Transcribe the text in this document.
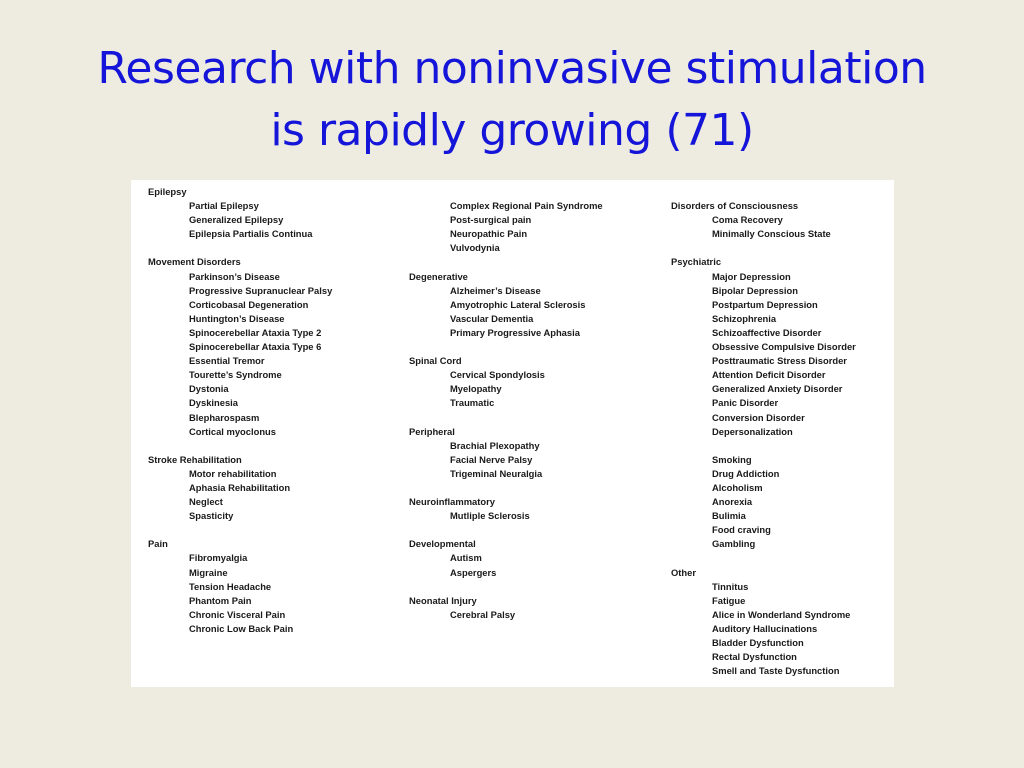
Research with noninvasive stimulation
is rapidly growing (71)
Epilepsy
Partial Epilepsy
Generalized Epilepsy
Epilepsia Partialis Continua
Movement Disorders
Parkinson’s Disease
Progressive Supranuclear Palsy
Corticobasal Degeneration
Huntington’s Disease
Spinocerebellar Ataxia Type 2
Spinocerebellar Ataxia Type 6
Essential Tremor
Tourette’s Syndrome
Dystonia
Dyskinesia
Blepharospasm
Cortical myoclonus
Stroke Rehabilitation
Motor rehabilitation
Aphasia Rehabilitation
Neglect
Spasticity
Pain
Fibromyalgia
Migraine
Tension Headache
Phantom Pain
Chronic Visceral Pain
Chronic Low Back Pain
Complex Regional Pain Syndrome
Post-surgical pain
Neuropathic Pain
Vulvodynia
Degenerative
Alzheimer’s Disease
Amyotrophic Lateral Sclerosis
Vascular Dementia
Primary Progressive Aphasia
Spinal Cord
Cervical Spondylosis
Myelopathy
Traumatic
Peripheral
Brachial Plexopathy
Facial Nerve Palsy
Trigeminal Neuralgia
Neuroinflammatory
Mutliple Sclerosis
Developmental
Autism
Aspergers
Neonatal Injury
Cerebral Palsy
Disorders of Consciousness
Coma Recovery
Minimally Conscious State
Psychiatric
Major Depression
Bipolar Depression
Postpartum Depression
Schizophrenia
Schizoaffective Disorder
Obsessive Compulsive Disorder
Posttraumatic Stress Disorder
Attention Deficit Disorder
Generalized Anxiety Disorder
Panic Disorder
Conversion Disorder
Depersonalization
Smoking
Drug Addiction
Alcoholism
Anorexia
Bulimia
Food craving
Gambling
Other
Tinnitus
Fatigue
Alice in Wonderland Syndrome
Auditory Hallucinations
Bladder Dysfunction
Rectal Dysfunction
Smell and Taste Dysfunction
